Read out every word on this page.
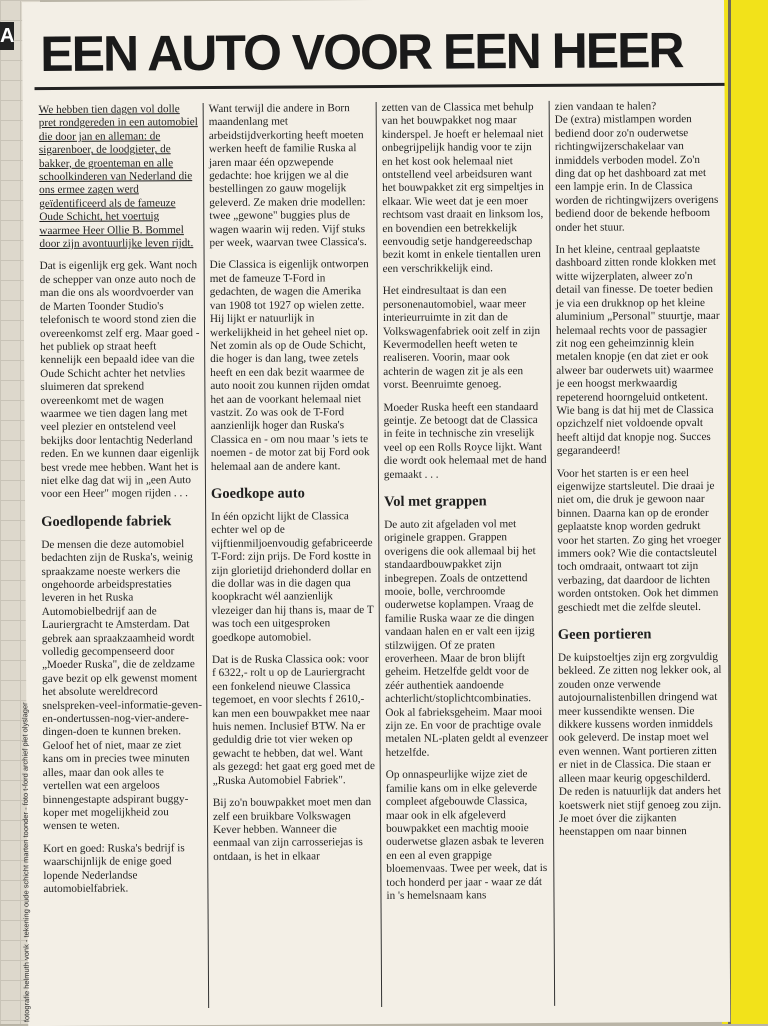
A EEN AUTO VOOR EEN HEER
fotografie helmuth vonk - tekening oude schicht marten toonder - foto t-ford archief piet olyslager

We hebben tien dagen vol dolle pret rondgereden in een automobiel die door jan en alleman: de sigarenboer, de loodgieter, de bakker, de groenteman en alle schoolkinderen van Nederland die ons ermee zagen werd geïdentificeerd als de fameuze Oude Schicht, het voertuig waarmee Heer Ollie B. Bommel door zijn avontuurlijke leven rijdt.

Dat is eigenlijk erg gek. Want noch de schepper van onze auto noch de man die ons als woordvoerder van de Marten Toonder Studio's telefonisch te woord stond zien die overeenkomst zelf erg. Maar goed - het publiek op straat heeft kennelijk een bepaald idee van die Oude Schicht achter het netvlies sluimeren dat sprekend overeenkomt met de wagen waarmee we tien dagen lang met veel plezier en ontstelend veel bekijks door lentachtig Nederland reden. En we kunnen daar eigenlijk best vrede mee hebben. Want het is niet elke dag dat wij in „een Auto voor een Heer" mogen rijden . . .

Goedlopende fabriek

De mensen die deze automobiel bedachten zijn de Ruska's, weinig spraakzame noeste werkers die ongehoorde arbeidsprestaties leveren in het Ruska Automobielbedrijf aan de Lauriergracht te Amsterdam. Dat gebrek aan spraakzaamheid wordt volledig gecompenseerd door „Moeder Ruska", die de zeldzame gave bezit op elk gewenst moment het absolute wereldrecord snelspreken-veel-informatie-geven-en-ondertussen-nog-vier-andere-dingen-doen te kunnen breken. Geloof het of niet, maar ze ziet kans om in precies twee minuten alles, maar dan ook alles te vertellen wat een argeloos binnengestapte adspirant buggy-koper met mogelijkheid zou wensen te weten.

Kort en goed: Ruska's bedrijf is waarschijnlijk de enige goed lopende Nederlandse automobielfabriek.

Want terwijl die andere in Born maandenlang met arbeidstijdverkorting heeft moeten werken heeft de familie Ruska al jaren maar één opzwepende gedachte: hoe krijgen we al die bestellingen zo gauw mogelijk geleverd. Ze maken drie modellen: twee „gewone" buggies plus de wagen waarin wij reden. Vijf stuks per week, waarvan twee Classica's.

Die Classica is eigenlijk ontworpen met de fameuze T-Ford in gedachten, de wagen die Amerika van 1908 tot 1927 op wielen zette. Hij lijkt er natuurlijk in werkelijkheid in het geheel niet op. Net zomin als op de Oude Schicht, die hoger is dan lang, twee zetels heeft en een dak bezit waarmee de auto nooit zou kunnen rijden omdat het aan de voorkant helemaal niet vastzit. Zo was ook de T-Ford aanzienlijk hoger dan Ruska's Classica en - om nou maar 's iets te noemen - de motor zat bij Ford ook helemaal aan de andere kant.

Goedkope auto

In één opzicht lijkt de Classica echter wel op de vijftienmiljoenvoudig gefabriceerde T-Ford: zijn prijs. De Ford kostte in zijn glorietijd driehonderd dollar en die dollar was in die dagen qua koopkracht wél aanzienlijk vlezeiger dan hij thans is, maar de T was toch een uitgesproken goedkope automobiel.

Dat is de Ruska Classica ook: voor f 6322,- rolt u op de Lauriergracht een fonkelend nieuwe Classica tegemoet, en voor slechts f 2610,- kan men een bouwpakket mee naar huis nemen. Inclusief BTW. Na er geduldig drie tot vier weken op gewacht te hebben, dat wel. Want als gezegd: het gaat erg goed met de „Ruska Automobiel Fabriek".

Bij zo'n bouwpakket moet men dan zelf een bruikbare Volkswagen Kever hebben. Wanneer die eenmaal van zijn carrosseriejas is ontdaan, is het in elkaar

zetten van de Classica met behulp van het bouwpakket nog maar kinderspel. Je hoeft er helemaal niet onbegrijpelijk handig voor te zijn en het kost ook helemaal niet ontstellend veel arbeidsuren want het bouwpakket zit erg simpeltjes in elkaar. Wie weet dat je een moer rechtsom vast draait en linksom los, en bovendien een betrekkelijk eenvoudig setje handgereedschap bezit komt in enkele tientallen uren een verschrikkelijk eind.

Het eindresultaat is dan een personenautomobiel, waar meer interieurruimte in zit dan de Volkswagenfabriek ooit zelf in zijn Kevermodellen heeft weten te realiseren. Voorin, maar ook achterin de wagen zit je als een vorst. Beenruimte genoeg.

Moeder Ruska heeft een standaard geintje. Ze betoogt dat de Classica in feite in technische zin vreselijk veel op een Rolls Royce lijkt. Want die wordt ook helemaal met de hand gemaakt . . .

Vol met grappen

De auto zit afgeladen vol met originele grappen. Grappen overigens die ook allemaal bij het standaardbouwpakket zijn inbegrepen. Zoals de ontzettend mooie, bolle, verchroomde ouderwetse koplampen. Vraag de familie Ruska waar ze die dingen vandaan halen en er valt een ijzig stilzwijgen. Of ze praten eroverheen. Maar de bron blijft geheim. Hetzelfde geldt voor de zéér authentiek aandoende achterlicht/stoplichtcombinaties. Ook al fabrieksgeheim. Maar mooi zijn ze. En voor de prachtige ovale metalen NL-platen geldt al evenzeer hetzelfde.

Op onnaspeurlijke wijze ziet de familie kans om in elke geleverde compleet afgebouwde Classica, maar ook in elk afgeleverd bouwpakket een machtig mooie ouderwetse glazen asbak te leveren en een al even grappige bloemenvaas. Twee per week, dat is toch honderd per jaar - waar ze dát in 's hemelsnaam kans

zien vandaan te halen?

De (extra) mistlampen worden bediend door zo'n ouderwetse richtingwijzerschakelaar van inmiddels verboden model. Zo'n ding dat op het dashboard zat met een lampje erin. In de Classica worden de richtingwijzers overigens bediend door de bekende hefboom onder het stuur.

In het kleine, centraal geplaatste dashboard zitten ronde klokken met witte wijzerplaten, alweer zo'n detail van finesse. De toeter bedien je via een drukknop op het kleine aluminium „Personal" stuurtje, maar helemaal rechts voor de passagier zit nog een geheimzinnig klein metalen knopje (en dat ziet er ook alweer bar ouderwets uit) waarmee je een hoogst merkwaardig repeterend hoorngeluid ontketent. Wie bang is dat hij met de Classica opzichzelf niet voldoende opvalt heeft altijd dat knopje nog. Succes gegarandeerd!

Voor het starten is er een heel eigenwijze startsleutel. Die draai je niet om, die druk je gewoon naar binnen. Daarna kan op de eronder geplaatste knop worden gedrukt voor het starten. Zo ging het vroeger immers ook? Wie die contactsleutel toch omdraait, ontwaart tot zijn verbazing, dat daardoor de lichten worden ontstoken. Ook het dimmen geschiedt met die zelfde sleutel.

Geen portieren

De kuipstoeltjes zijn erg zorgvuldig bekleed. Ze zitten nog lekker ook, al zouden onze verwende autojournalistenbillen dringend wat meer kussendikte wensen. Die dikkere kussens worden inmiddels ook geleverd. De instap moet wel even wennen. Want portieren zitten er niet in de Classica. Die staan er alleen maar keurig opgeschilderd. De reden is natuurlijk dat anders het koetswerk niet stijf genoeg zou zijn. Je moet óver die zijkanten heenstappen om naar binnen
